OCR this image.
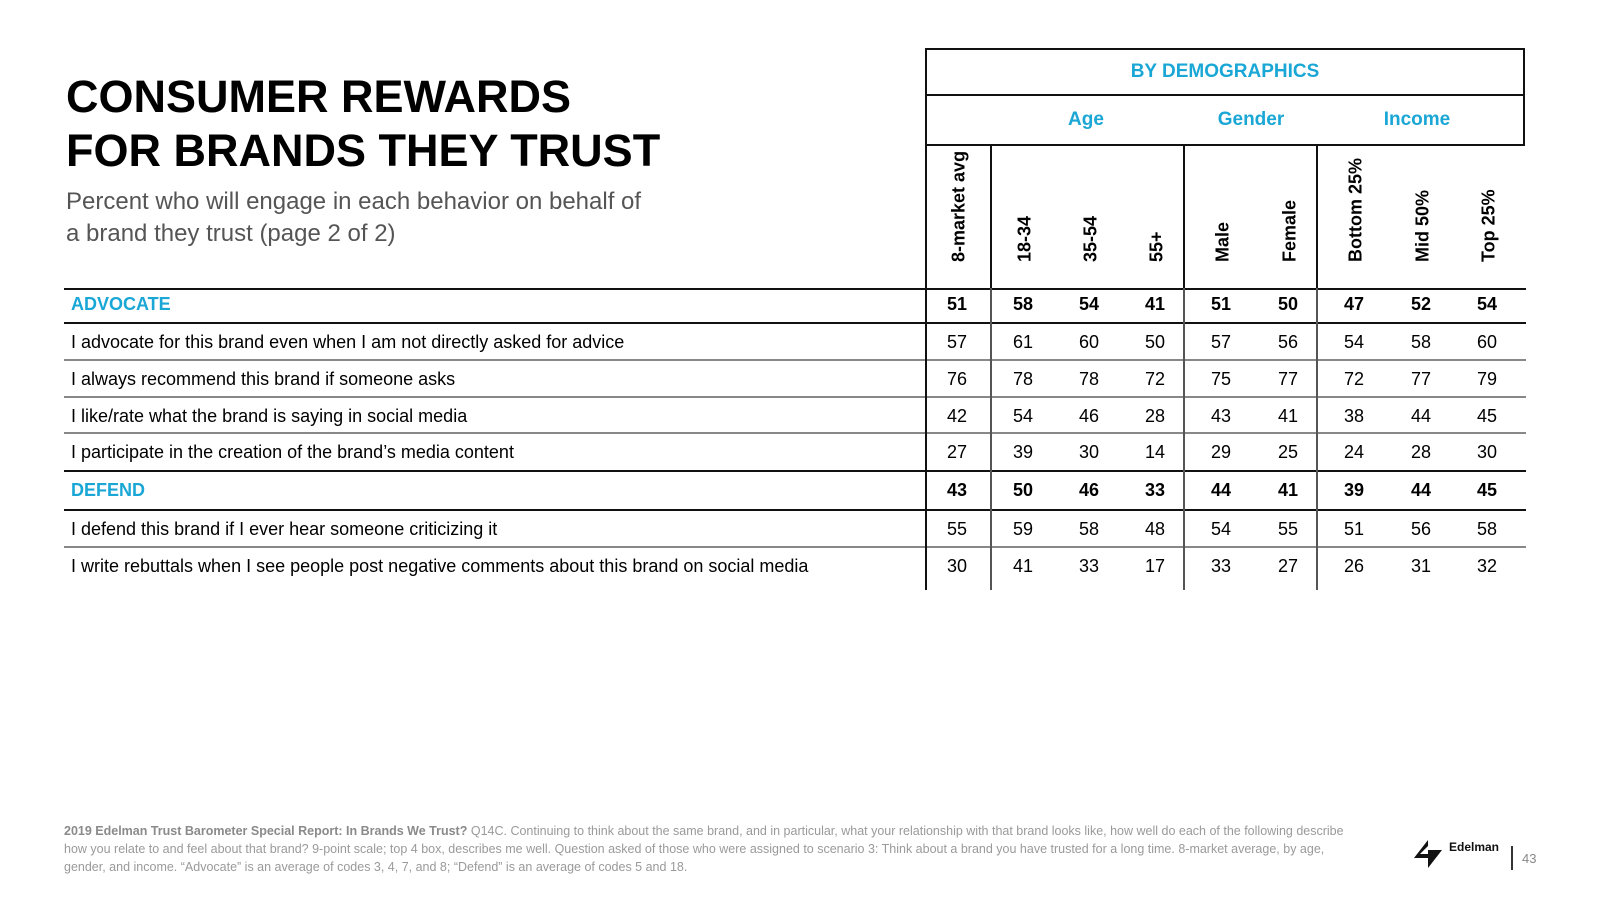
CONSUMER REWARDS
FOR BRANDS THEY TRUST
Percent who will engage in each behavior on behalf of
a brand they trust (page 2 of 2)
BY DEMOGRAPHICS
Age	Gender	Income
8-market avg	18-34	35-54	55+	Male	Female	Bottom 25%	Mid 50%	Top 25%
ADVOCATE	51	58	54	41	51	50	47	52	54
I advocate for this brand even when I am not directly asked for advice	57	61	60	50	57	56	54	58	60
I always recommend this brand if someone asks	76	78	78	72	75	77	72	77	79
I like/rate what the brand is saying in social media	42	54	46	28	43	41	38	44	45
I participate in the creation of the brand’s media content	27	39	30	14	29	25	24	28	30
DEFEND	43	50	46	33	44	41	39	44	45
I defend this brand if I ever hear someone criticizing it	55	59	58	48	54	55	51	56	58
I write rebuttals when I see people post negative comments about this brand on social media	30	41	33	17	33	27	26	31	32
2019 Edelman Trust Barometer Special Report: In Brands We Trust? Q14C. Continuing to think about the same brand, and in particular, what your relationship with that brand looks like, how well do each of the following describe how you relate to and feel about that brand? 9-point scale; top 4 box, describes me well. Question asked of those who were assigned to scenario 3: Think about a brand you have trusted for a long time. 8-market average, by age, gender, and income. “Advocate” is an average of codes 3, 4, 7, and 8; “Defend” is an average of codes 5 and 18.
Edelman
43
